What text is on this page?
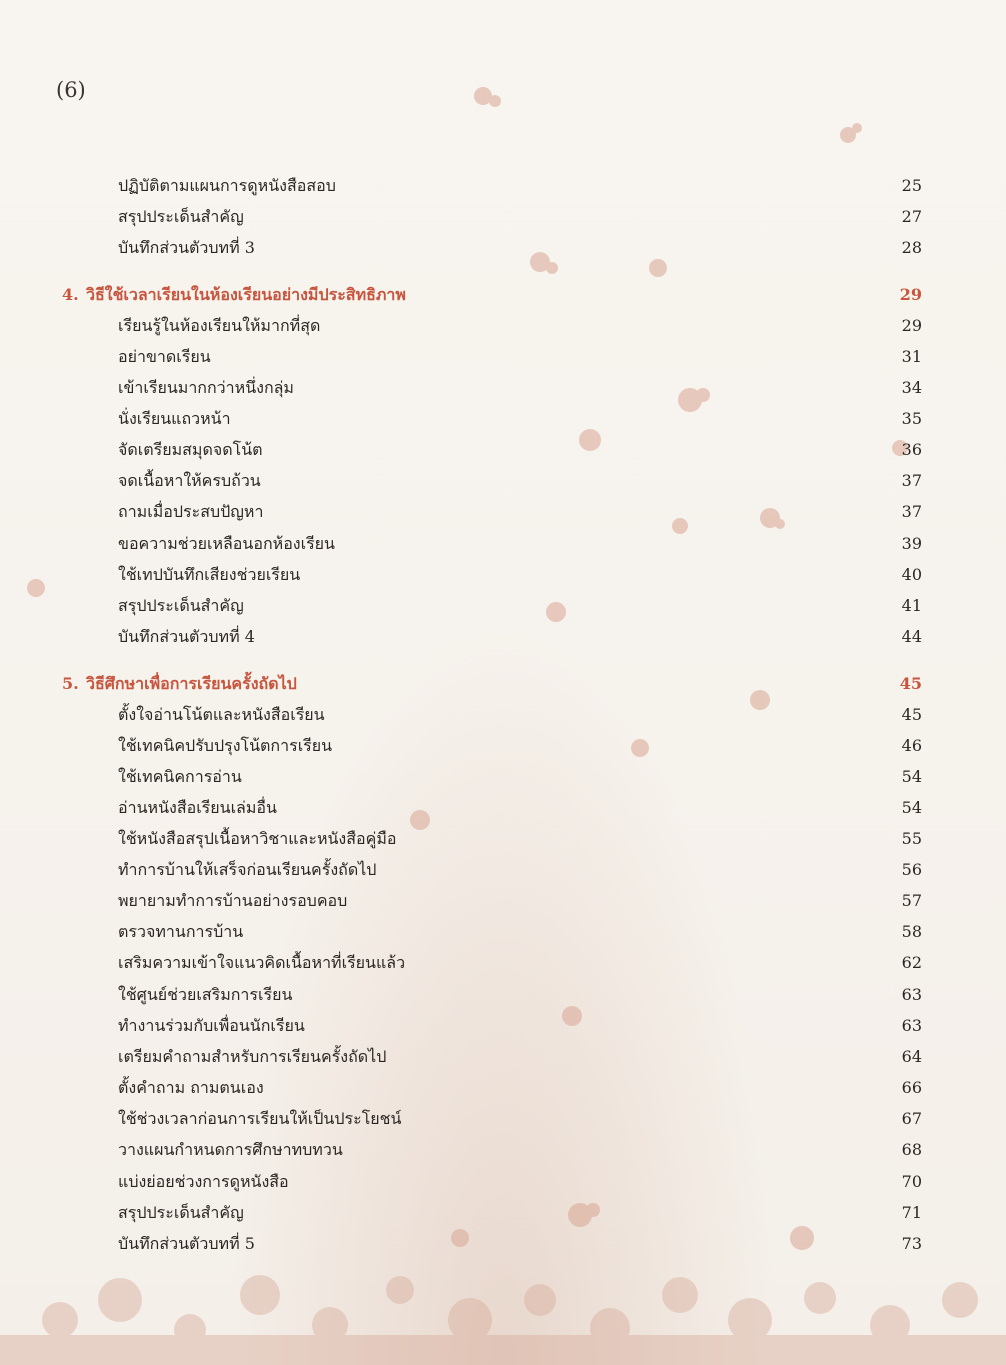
(6)
ปฏิบัติตามแผนการดูหนังสือสอบ	25
สรุปประเด็นสำคัญ	27
บันทึกส่วนตัวบทที่ 3	28
4. วิธีใช้เวลาเรียนในห้องเรียนอย่างมีประสิทธิภาพ	29
เรียนรู้ในห้องเรียนให้มากที่สุด	29
อย่าขาดเรียน	31
เข้าเรียนมากกว่าหนึ่งกลุ่ม	34
นั่งเรียนแถวหน้า	35
จัดเตรียมสมุดจดโน้ต	36
จดเนื้อหาให้ครบถ้วน	37
ถามเมื่อประสบปัญหา	37
ขอความช่วยเหลือนอกห้องเรียน	39
ใช้เทปบันทึกเสียงช่วยเรียน	40
สรุปประเด็นสำคัญ	41
บันทึกส่วนตัวบทที่ 4	44
5. วิธีศึกษาเพื่อการเรียนครั้งถัดไป	45
ตั้งใจอ่านโน้ตและหนังสือเรียน	45
ใช้เทคนิคปรับปรุงโน้ตการเรียน	46
ใช้เทคนิคการอ่าน	54
อ่านหนังสือเรียนเล่มอื่น	54
ใช้หนังสือสรุปเนื้อหาวิชาและหนังสือคู่มือ	55
ทำการบ้านให้เสร็จก่อนเรียนครั้งถัดไป	56
พยายามทำการบ้านอย่างรอบคอบ	57
ตรวจทานการบ้าน	58
เสริมความเข้าใจแนวคิดเนื้อหาที่เรียนแล้ว	62
ใช้ศูนย์ช่วยเสริมการเรียน	63
ทำงานร่วมกับเพื่อนนักเรียน	63
เตรียมคำถามสำหรับการเรียนครั้งถัดไป	64
ตั้งคำถาม ถามตนเอง	66
ใช้ช่วงเวลาก่อนการเรียนให้เป็นประโยชน์	67
วางแผนกำหนดการศึกษาทบทวน	68
แบ่งย่อยช่วงการดูหนังสือ	70
สรุปประเด็นสำคัญ	71
บันทึกส่วนตัวบทที่ 5	73
